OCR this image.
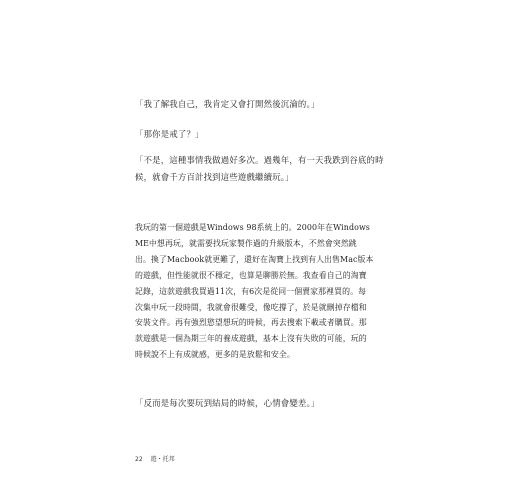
「我了解我自己，我肯定又會打開然後沉淪的。」

「那你是戒了？」

「不是，這種事情我做過好多次。過幾年，有一天我跌到谷底的時
候，就會千方百計找到這些遊戲繼續玩。」
我玩的第一個遊戲是Windows 98系統上的。2000年在Windows
ME中想再玩，就需要找玩家製作過的升級版本，不然會突然跳
出。換了Macbook就更難了，還好在淘寶上找到有人出售Mac版本
的遊戲，但性能就很不穩定，也算是聊勝於無。我查看自己的淘寶
記錄，這款遊戲我買過11次，有6次是從同一個賣家那裡買的。每
次集中玩一段時間，我就會很難受，像吃撐了，於是就刪掉存檔和
安裝文件。再有強烈慾望想玩的時候，再去搜索下載或者購買。那
款遊戲是一個為期三年的養成遊戲，基本上沒有失敗的可能，玩的
時候說不上有成就感，更多的是放鬆和安全。

「反而是每次要玩到結局的時候，心情會變差。」

22 遊・托邦
